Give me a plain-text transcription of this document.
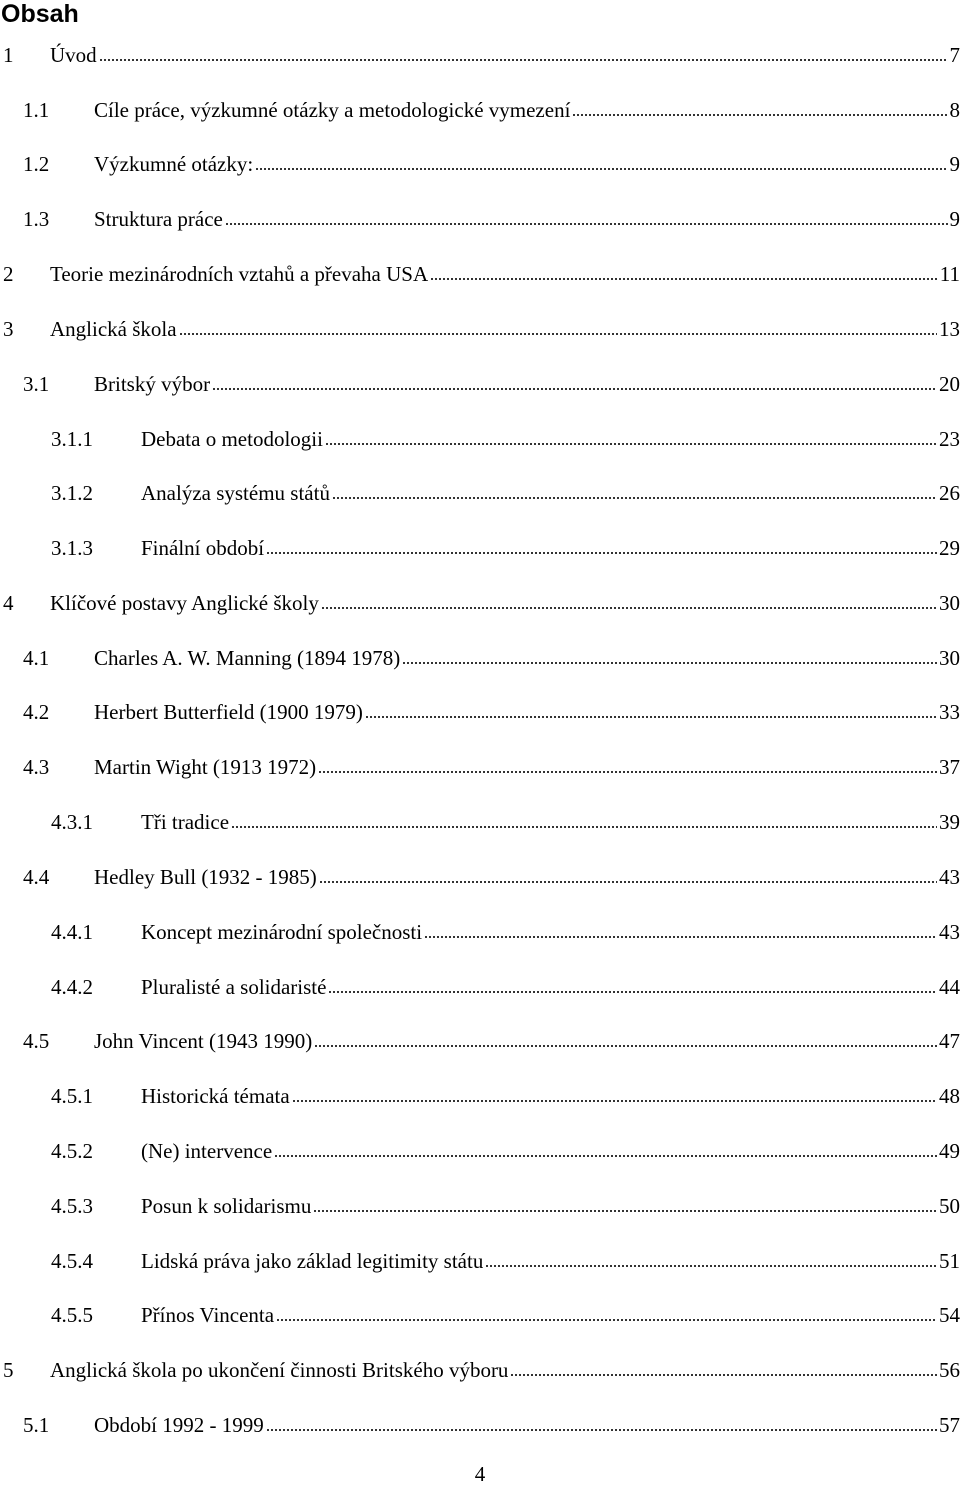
Obsah
1	Úvod	7
1.1	Cíle práce, výzkumné otázky a metodologické vymezení	8
1.2	Výzkumné otázky:	9
1.3	Struktura práce	9
2	Teorie mezinárodních vztahů a převaha USA	11
3	Anglická škola	13
3.1	Britský výbor	20
3.1.1	Debata o metodologii	23
3.1.2	Analýza systému států	26
3.1.3	Finální období	29
4	Klíčové postavy Anglické školy	30
4.1	Charles A. W. Manning (1894 1978)	30
4.2	Herbert Butterfield (1900 1979)	33
4.3	Martin Wight (1913 1972)	37
4.3.1	Tři tradice	39
4.4	Hedley Bull (1932 - 1985)	43
4.4.1	Koncept mezinárodní společnosti	43
4.4.2	Pluralisté a solidaristé	44
4.5	John Vincent (1943 1990)	47
4.5.1	Historická témata	48
4.5.2	(Ne) intervence	49
4.5.3	Posun k solidarismu	50
4.5.4	Lidská práva jako základ legitimity státu	51
4.5.5	Přínos Vincenta	54
5	Anglická škola po ukončení činnosti Britského výboru	56
5.1	Období 1992 - 1999	57
4
